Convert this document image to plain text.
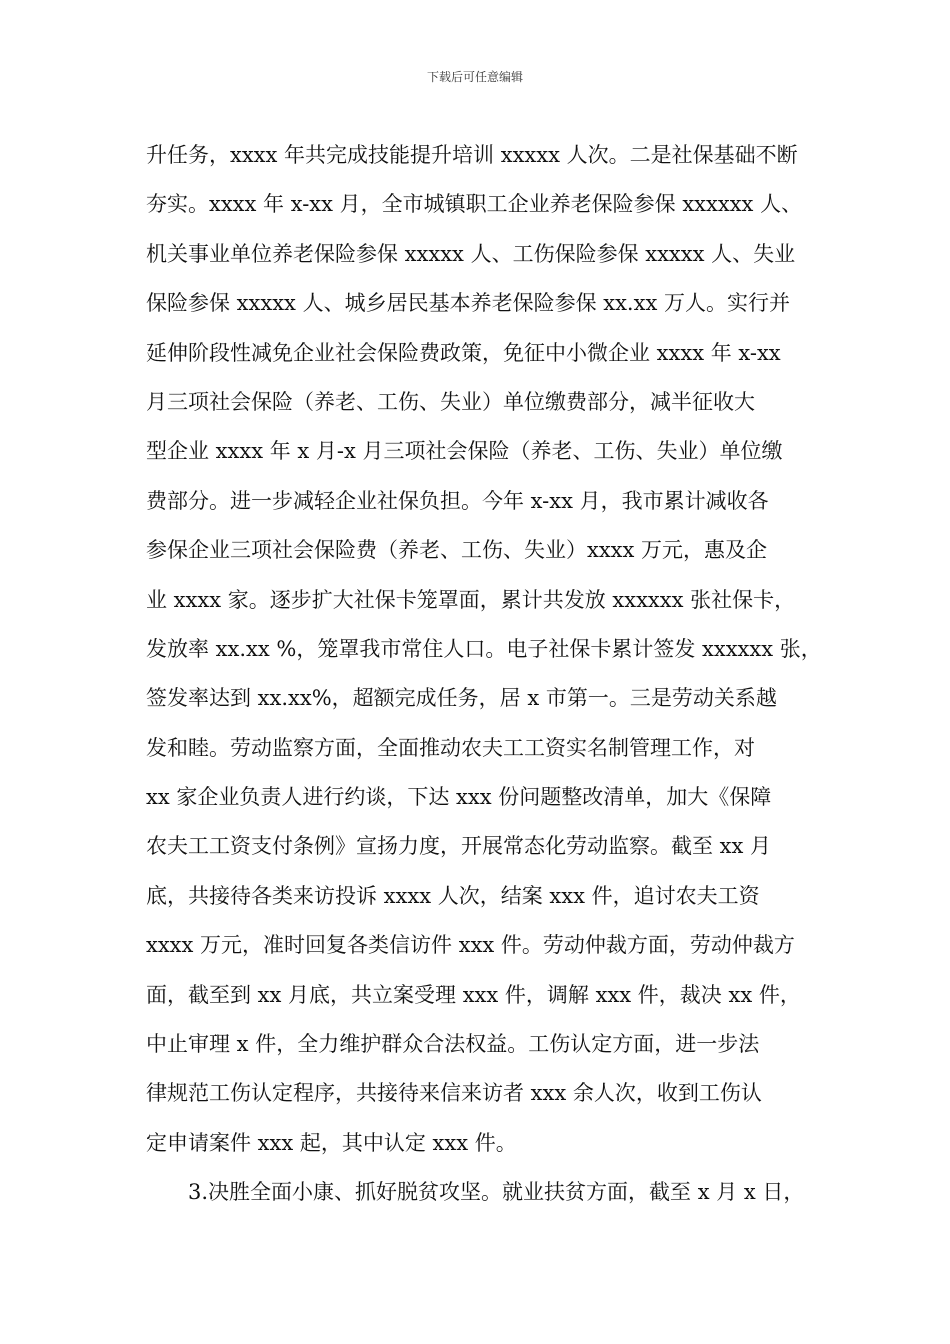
下载后可任意编辑
升任务，xxxx 年共完成技能提升培训 xxxxx 人次。二是社保基础不断
夯实。xxxx 年 x-xx 月，全市城镇职工企业养老保险参保 xxxxxx 人、
机关事业单位养老保险参保 xxxxx 人、工伤保险参保 xxxxx 人、失业
保险参保 xxxxx 人、城乡居民基本养老保险参保 xx.xx 万人。实行并
延伸阶段性减免企业社会保险费政策，免征中小微企业 xxxx 年 x-xx
月三项社会保险（养老、工伤、失业）单位缴费部分，减半征收大
型企业 xxxx 年 x 月-x 月三项社会保险（养老、工伤、失业）单位缴
费部分。进一步减轻企业社保负担。今年 x-xx 月，我市累计减收各
参保企业三项社会保险费（养老、工伤、失业）xxxx 万元，惠及企
业 xxxx 家。逐步扩大社保卡笼罩面，累计共发放 xxxxxx 张社保卡，
发放率 xx.xx %，笼罩我市常住人口。电子社保卡累计签发 xxxxxx 张，
签发率达到 xx.xx%，超额完成任务，居 x 市第一。三是劳动关系越
发和睦。劳动监察方面，全面推动农夫工工资实名制管理工作，对
xx 家企业负责人进行约谈，下达 xxx 份问题整改清单，加大《保障
农夫工工资支付条例》宣扬力度，开展常态化劳动监察。截至 xx 月
底，共接待各类来访投诉 xxxx 人次，结案 xxx 件，追讨农夫工资
xxxx 万元，准时回复各类信访件 xxx 件。劳动仲裁方面，劳动仲裁方
面，截至到 xx 月底，共立案受理 xxx 件，调解 xxx 件，裁决 xx 件，
中止审理 x 件，全力维护群众合法权益。工伤认定方面，进一步法
律规范工伤认定程序，共接待来信来访者 xxx 余人次，收到工伤认
定申请案件 xxx 起，其中认定 xxx 件。
3.决胜全面小康、抓好脱贫攻坚。就业扶贫方面，截至 x 月 x 日，
